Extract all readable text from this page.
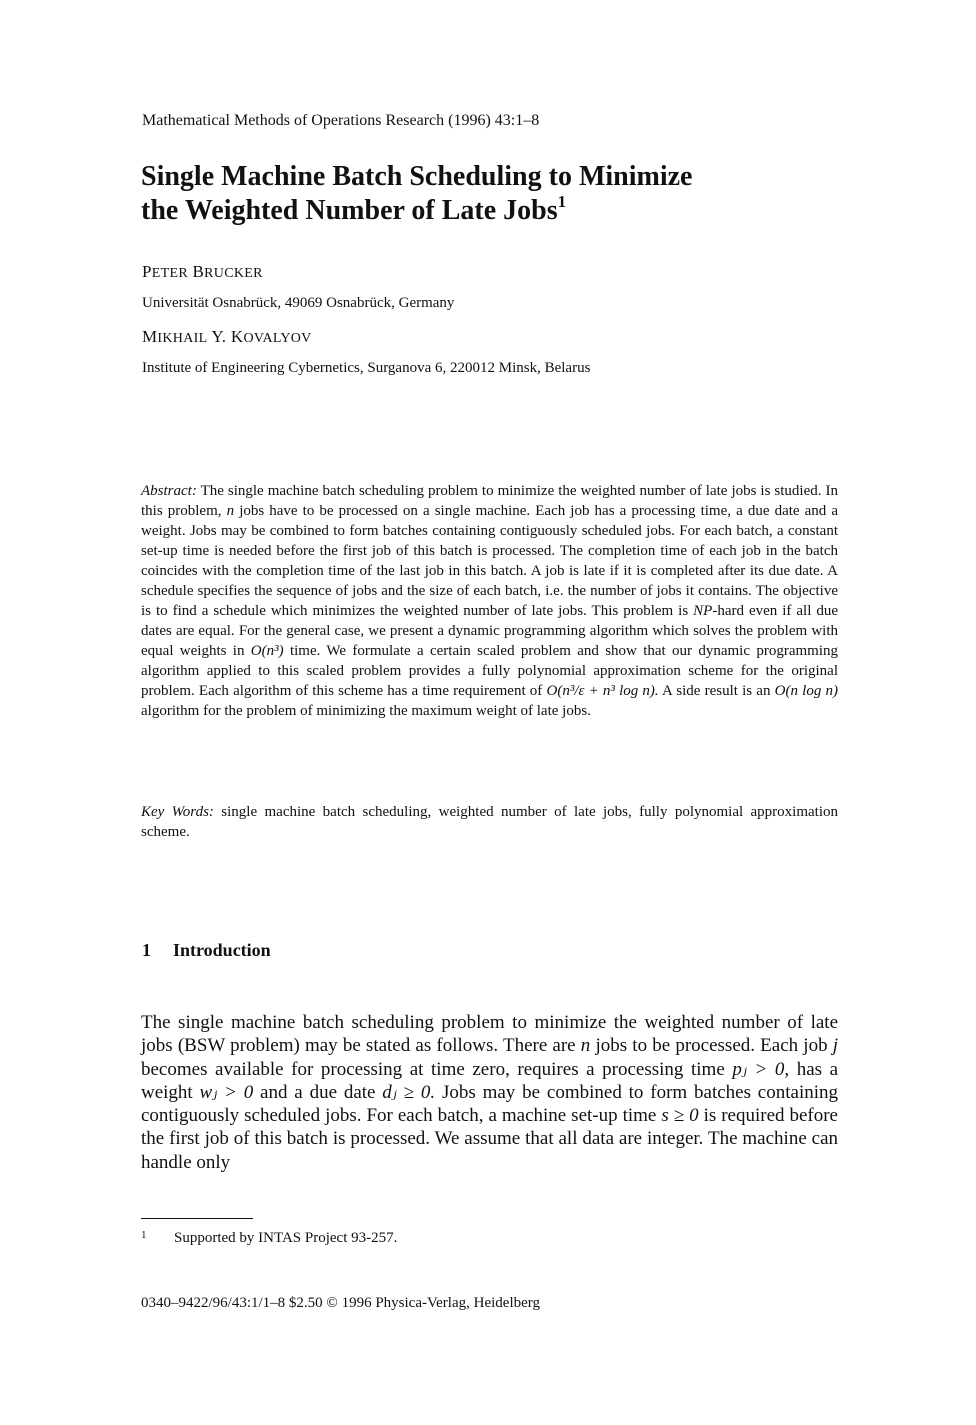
Mathematical Methods of Operations Research (1996) 43:1–8
Single Machine Batch Scheduling to Minimize
the Weighted Number of Late Jobs$^1$
PETER BRUCKER
Universität Osnabrück, 49069 Osnabrück, Germany
MIKHAIL Y. KOVALYOV
Institute of Engineering Cybernetics, Surganova 6, 220012 Minsk, Belarus
Abstract: The single machine batch scheduling problem to minimize the weighted number of late jobs is studied. In this problem, n jobs have to be processed on a single machine. Each job has a processing time, a due date and a weight. Jobs may be combined to form batches containing contiguously scheduled jobs. For each batch, a constant set-up time is needed before the first job of this batch is processed. The completion time of each job in the batch coincides with the completion time of the last job in this batch. A job is late if it is completed after its due date. A schedule specifies the sequence of jobs and the size of each batch, i.e. the number of jobs it contains. The objective is to find a schedule which minimizes the weighted number of late jobs. This problem is NP-hard even if all due dates are equal. For the general case, we present a dynamic programming algorithm which solves the problem with equal weights in O(n³) time. We formulate a certain scaled problem and show that our dynamic programming algorithm applied to this scaled problem provides a fully polynomial approximation scheme for the original problem. Each algorithm of this scheme has a time requirement of O(n³/ε + n³ log n). A side result is an O(n log n) algorithm for the problem of minimizing the maximum weight of late jobs.
Key Words: single machine batch scheduling, weighted number of late jobs, fully polynomial approximation scheme.
1 Introduction
The single machine batch scheduling problem to minimize the weighted number of late jobs (BSW problem) may be stated as follows. There are n jobs to be processed. Each job j becomes available for processing at time zero, requires a processing time pⱼ > 0, has a weight wⱼ > 0 and a due date dⱼ ≥ 0. Jobs may be combined to form batches containing contiguously scheduled jobs. For each batch, a machine set-up time s ≥ 0 is required before the first job of this batch is processed. We assume that all data are integer. The machine can handle only
1 Supported by INTAS Project 93-257.
0340–9422/96/43:1/1–8 $2.50 © 1996 Physica-Verlag, Heidelberg
